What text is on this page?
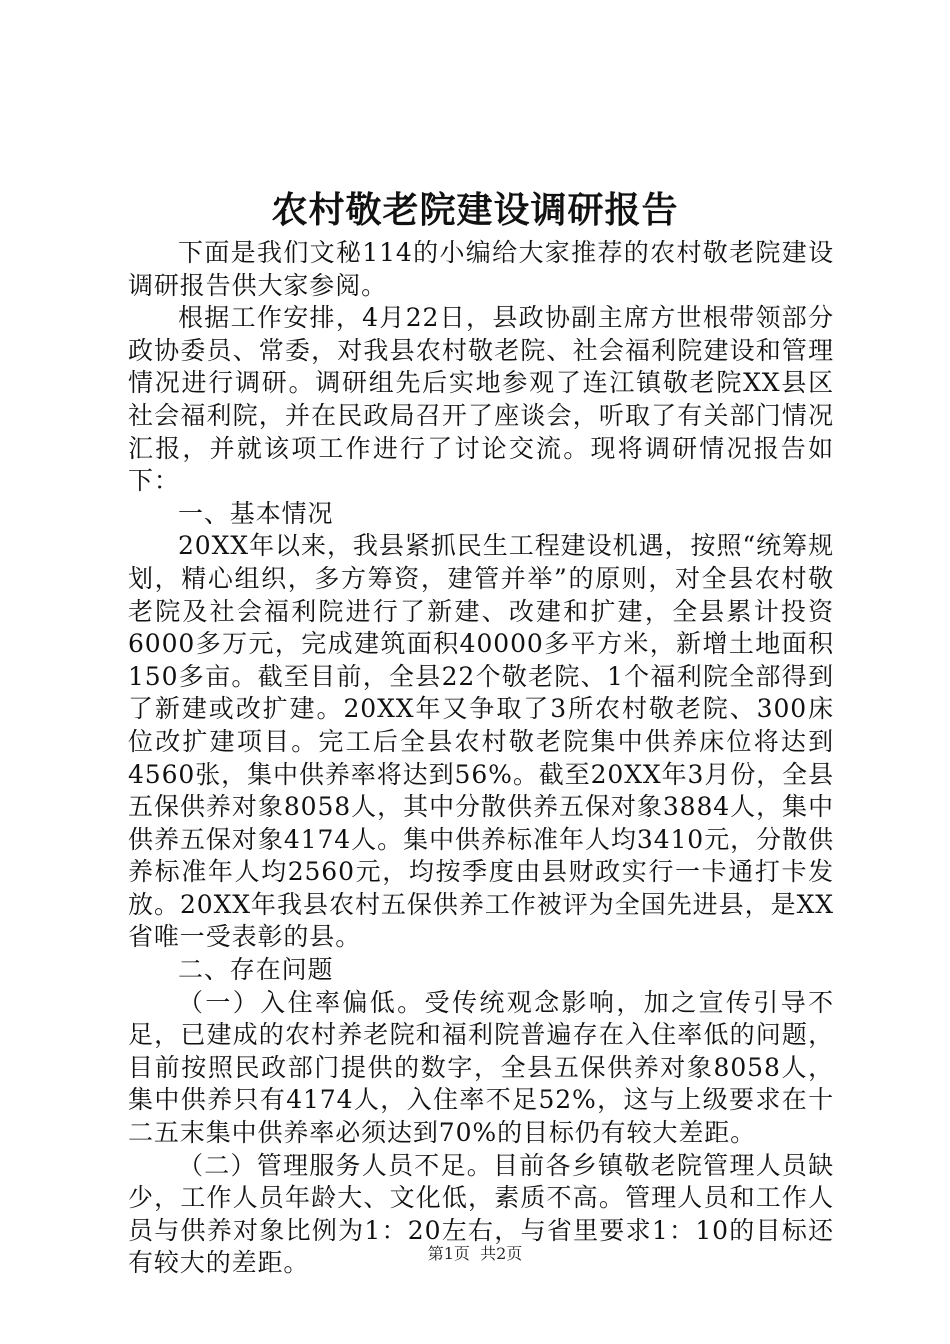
农村敬老院建设调研报告

下面是我们文秘114的小编给大家推荐的农村敬老院建设调研报告供大家参阅。

根据工作安排，4月22日，县政协副主席方世根带领部分政协委员、常委，对我县农村敬老院、社会福利院建设和管理情况进行调研。调研组先后实地参观了连江镇敬老院XX县区社会福利院，并在民政局召开了座谈会，听取了有关部门情况汇报，并就该项工作进行了讨论交流。现将调研情况报告如下：

一、基本情况

20XX年以来，我县紧抓民生工程建设机遇，按照“统筹规划，精心组织，多方筹资，建管并举”的原则，对全县农村敬老院及社会福利院进行了新建、改建和扩建，全县累计投资6000多万元，完成建筑面积40000多平方米，新增土地面积150多亩。截至目前，全县22个敬老院、1个福利院全部得到了新建或改扩建。20XX年又争取了3所农村敬老院、300床位改扩建项目。完工后全县农村敬老院集中供养床位将达到4560张，集中供养率将达到56%。截至20XX年3月份，全县五保供养对象8058人，其中分散供养五保对象3884人，集中供养五保对象4174人。集中供养标准年人均3410元，分散供养标准年人均2560元，均按季度由县财政实行一卡通打卡发放。20XX年我县农村五保供养工作被评为全国先进县，是XX省唯一受表彰的县。

二、存在问题

（一）入住率偏低。受传统观念影响，加之宣传引导不足，已建成的农村养老院和福利院普遍存在入住率低的问题，目前按照民政部门提供的数字，全县五保供养对象8058人，集中供养只有4174人，入住率不足52%，这与上级要求在十二五末集中供养率必须达到70%的目标仍有较大差距。

（二）管理服务人员不足。目前各乡镇敬老院管理人员缺少，工作人员年龄大、文化低，素质不高。管理人员和工作人员与供养对象比例为1：20左右，与省里要求1：10的目标还有较大的差距。	第1页  共2页
